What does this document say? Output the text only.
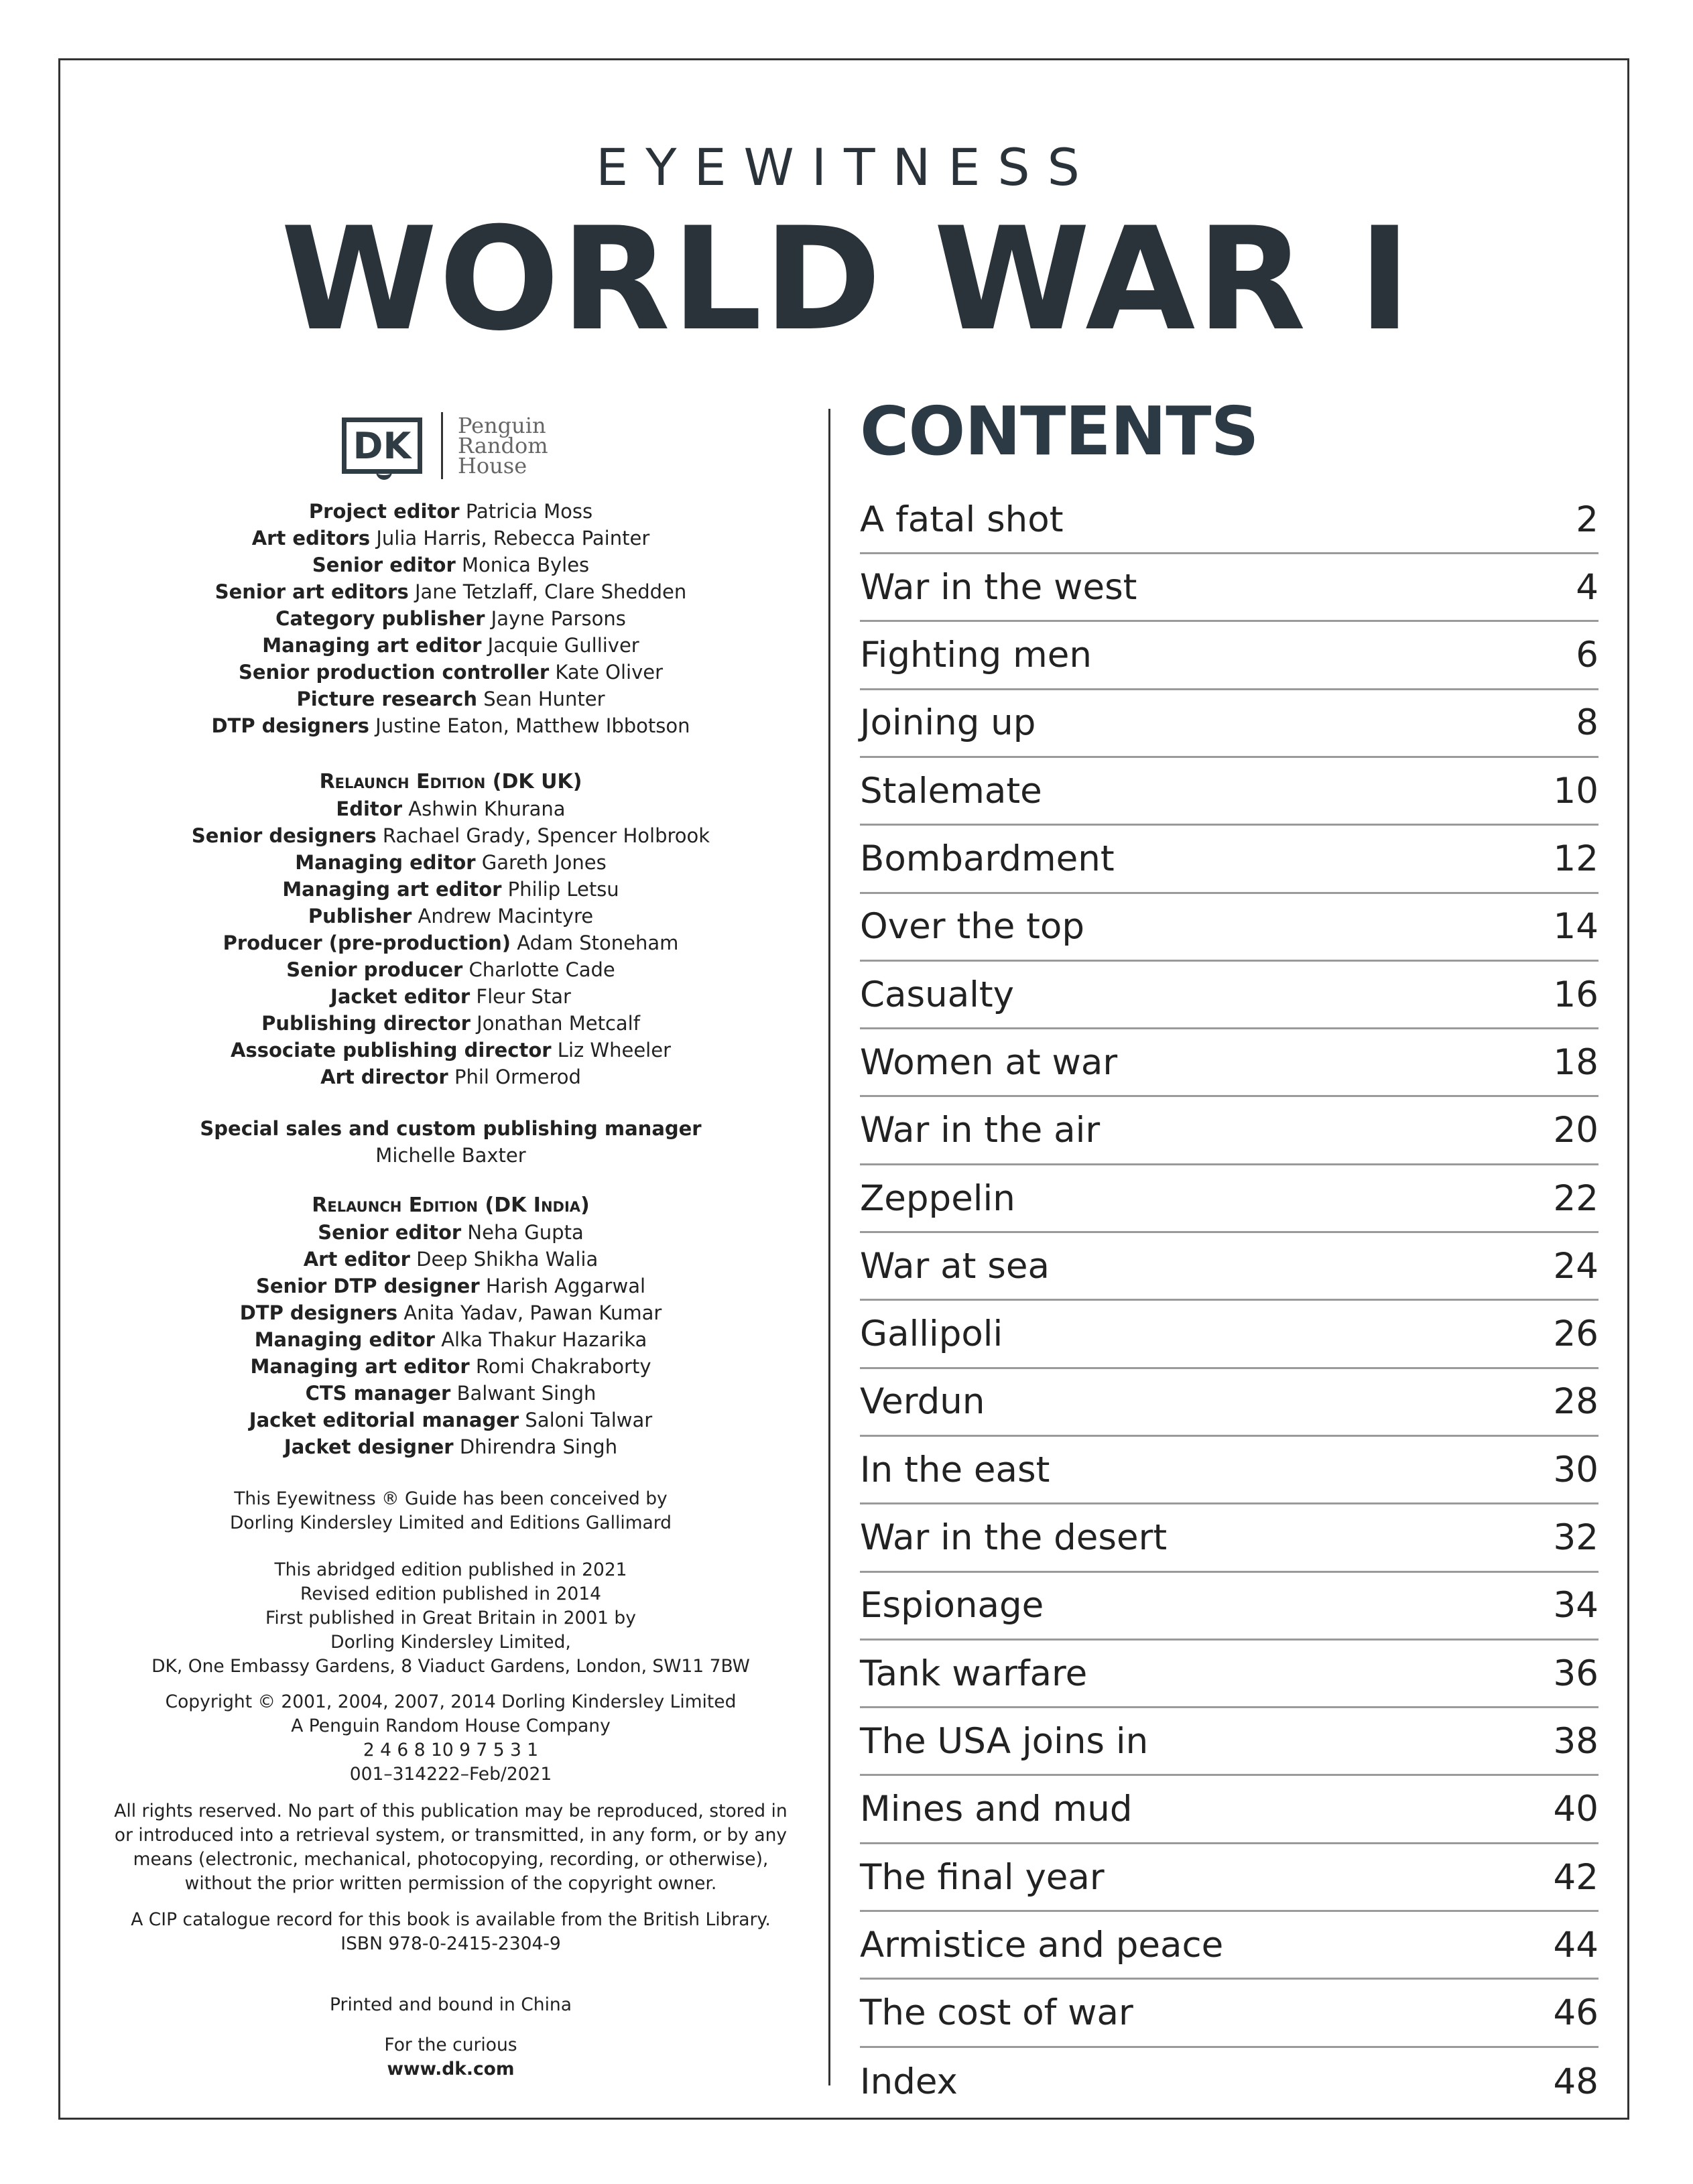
EYEWITNESS
WORLD WAR I
DK	Penguin
Random
House
Project editor Patricia Moss
Art editors Julia Harris, Rebecca Painter
Senior editor Monica Byles
Senior art editors Jane Tetzlaff, Clare Shedden
Category publisher Jayne Parsons
Managing art editor Jacquie Gulliver
Senior production controller Kate Oliver
Picture research Sean Hunter
DTP designers Justine Eaton, Matthew Ibbotson
Relaunch Edition (DK UK)
Editor Ashwin Khurana
Senior designers Rachael Grady, Spencer Holbrook
Managing editor Gareth Jones
Managing art editor Philip Letsu
Publisher Andrew Macintyre
Producer (pre-production) Adam Stoneham
Senior producer Charlotte Cade
Jacket editor Fleur Star
Publishing director Jonathan Metcalf
Associate publishing director Liz Wheeler
Art director Phil Ormerod
Special sales and custom publishing manager
Michelle Baxter
Relaunch Edition (DK India)
Senior editor Neha Gupta
Art editor Deep Shikha Walia
Senior DTP designer Harish Aggarwal
DTP designers Anita Yadav, Pawan Kumar
Managing editor Alka Thakur Hazarika
Managing art editor Romi Chakraborty
CTS manager Balwant Singh
Jacket editorial manager Saloni Talwar
Jacket designer Dhirendra Singh
This Eyewitness ® Guide has been conceived by
Dorling Kindersley Limited and Editions Gallimard
This abridged edition published in 2021
Revised edition published in 2014
First published in Great Britain in 2001 by
Dorling Kindersley Limited,
DK, One Embassy Gardens, 8 Viaduct Gardens, London, SW11 7BW
Copyright © 2001, 2004, 2007, 2014 Dorling Kindersley Limited
A Penguin Random House Company
2 4 6 8 10 9 7 5 3 1
001–314222–Feb/2021
All rights reserved. No part of this publication may be reproduced, stored in
or introduced into a retrieval system, or transmitted, in any form, or by any
means (electronic, mechanical, photocopying, recording, or otherwise),
without the prior written permission of the copyright owner.
A CIP catalogue record for this book is available from the British Library.
ISBN 978-0-2415-2304-9
Printed and bound in China
For the curious
www.dk.com
CONTENTS
A fatal shot	2
War in the west	4
Fighting men	6
Joining up	8
Stalemate	10
Bombardment	12
Over the top	14
Casualty	16
Women at war	18
War in the air	20
Zeppelin	22
War at sea	24
Gallipoli	26
Verdun	28
In the east	30
War in the desert	32
Espionage	34
Tank warfare	36
The USA joins in	38
Mines and mud	40
The final year	42
Armistice and peace	44
The cost of war	46
Index	48
